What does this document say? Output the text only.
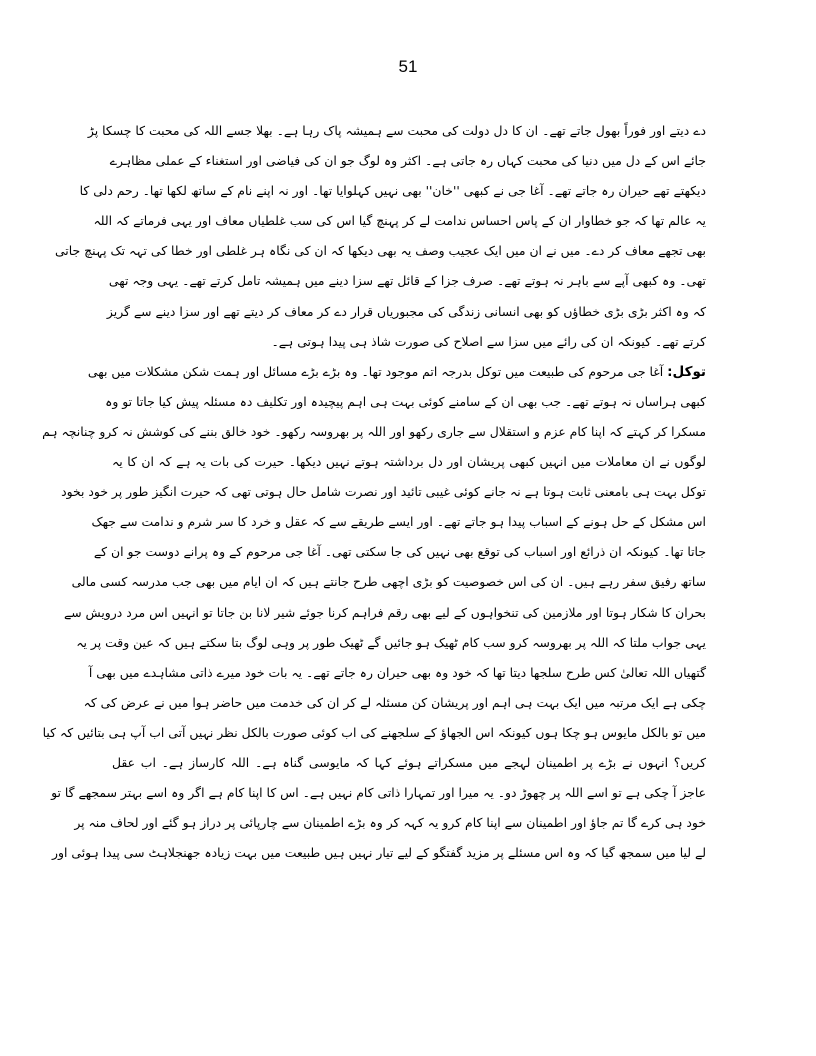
51
دے دیتے اور فوراً بھول جاتے تھے۔ ان کا دل دولت کی محبت سے ہمیشہ پاک رہا ہے۔ بھلا جسے اللہ کی محبت کا چسکا پڑ
جائے اس کے دل میں دنیا کی محبت کہاں رہ جاتی ہے۔ اکثر وہ لوگ جو ان کی فیاضی اور استغناء کے عملی مظاہرے
دیکھتے تھے حیران رہ جاتے تھے۔ آغا جی نے کبھی ''خان'' بھی نہیں کہلوایا تھا۔ اور نہ اپنے نام کے ساتھ لکھا تھا۔ رحم دلی کا
یہ عالم تھا کہ جو خطاوار ان کے پاس احساس ندامت لے کر پہنچ گیا اس کی سب غلطیاں معاف اور یہی فرماتے کہ اللہ
بھی تجھے معاف کر دے۔ میں نے ان میں ایک عجیب وصف یہ بھی دیکھا کہ ان کی نگاہ ہر غلطی اور خطا کی تہہ تک پہنچ جاتی
تھی۔ وہ کبھی آپے سے باہر نہ ہوتے تھے۔ صرف جزا کے قائل تھے سزا دینے میں ہمیشہ تامل کرتے تھے۔ یہی وجہ تھی
کہ وہ اکثر بڑی بڑی خطاؤں کو بھی انسانی زندگی کی مجبوریاں قرار دے کر معاف کر دیتے تھے اور سزا دینے سے گریز
کرتے تھے۔ کیونکہ ان کی رائے میں سزا سے اصلاح کی صورت شاذ ہی پیدا ہوتی ہے۔
توکل: آغا جی مرحوم کی طبیعت میں توکل بدرجہ اتم موجود تھا۔ وہ بڑے بڑے مسائل اور ہمت شکن مشکلات میں بھی
کبھی ہراساں نہ ہوتے تھے۔ جب بھی ان کے سامنے کوئی بہت ہی اہم پیچیدہ اور تکلیف دہ مسئلہ پیش کیا جاتا تو وہ
مسکرا کر کہتے کہ اپنا کام عزم و استقلال سے جاری رکھو اور اللہ پر بھروسہ رکھو۔ خود خالق بننے کی کوشش نہ کرو چنانچہ ہم
لوگوں نے ان معاملات میں انہیں کبھی پریشان اور دل برداشتہ ہوتے نہیں دیکھا۔ حیرت کی بات یہ ہے کہ ان کا یہ
توکل بہت ہی بامعنی ثابت ہوتا ہے نہ جانے کوئی غیبی تائید اور نصرت شامل حال ہوتی تھی کہ حیرت انگیز طور پر خود بخود
اس مشکل کے حل ہونے کے اسباب پیدا ہو جاتے تھے۔ اور ایسے طریقے سے کہ عقل و خرد کا سر شرم و ندامت سے جھک
جاتا تھا۔ کیونکہ ان ذرائع اور اسباب کی توقع بھی نہیں کی جا سکتی تھی۔ آغا جی مرحوم کے وہ پرانے دوست جو ان کے
ساتھ رفیق سفر رہے ہیں۔ ان کی اس خصوصیت کو بڑی اچھی طرح جانتے ہیں کہ ان ایام میں بھی جب مدرسہ کسی مالی
بحران کا شکار ہوتا اور ملازمین کی تنخواہوں کے لیے بھی رقم فراہم کرنا جوئے شیر لانا بن جاتا تو انہیں اس مرد درویش سے
یہی جواب ملتا کہ اللہ پر بھروسہ کرو سب کام ٹھیک ہو جائیں گے ٹھیک طور پر وہی لوگ بتا سکتے ہیں کہ عین وقت پر یہ
گتھیاں اللہ تعالیٰ کس طرح سلجھا دیتا تھا کہ خود وہ بھی حیران رہ جاتے تھے۔ یہ بات خود میرے ذاتی مشاہدے میں بھی آ
چکی ہے ایک مرتبہ میں ایک بہت ہی اہم اور پریشان کن مسئلہ لے کر ان کی خدمت میں حاضر ہوا میں نے عرض کی کہ
میں تو بالکل مایوس ہو چکا ہوں کیونکہ اس الجھاؤ کے سلجھنے کی اب کوئی صورت بالکل نظر نہیں آتی اب آپ ہی بتائیں کہ کیا
کریں؟ انہوں نے بڑے پر اطمینان لہجے میں مسکراتے ہوئے کہا کہ مایوسی گناہ ہے۔ اللہ کارساز ہے۔ اب عقل
عاجز آ چکی ہے تو اسے اللہ پر چھوڑ دو۔ یہ میرا اور تمہارا ذاتی کام نہیں ہے۔ اس کا اپنا کام ہے اگر وہ اسے بہتر سمجھے گا تو
خود ہی کرے گا تم جاؤ اور اطمینان سے اپنا کام کرو یہ کہہ کر وہ بڑے اطمینان سے چارپائی پر دراز ہو گئے اور لحاف منہ پر
لے لیا میں سمجھ گیا کہ وہ اس مسئلے پر مزید گفتگو کے لیے تیار نہیں ہیں طبیعت میں بہت زیادہ جھنجلاہٹ سی پیدا ہوئی اور
